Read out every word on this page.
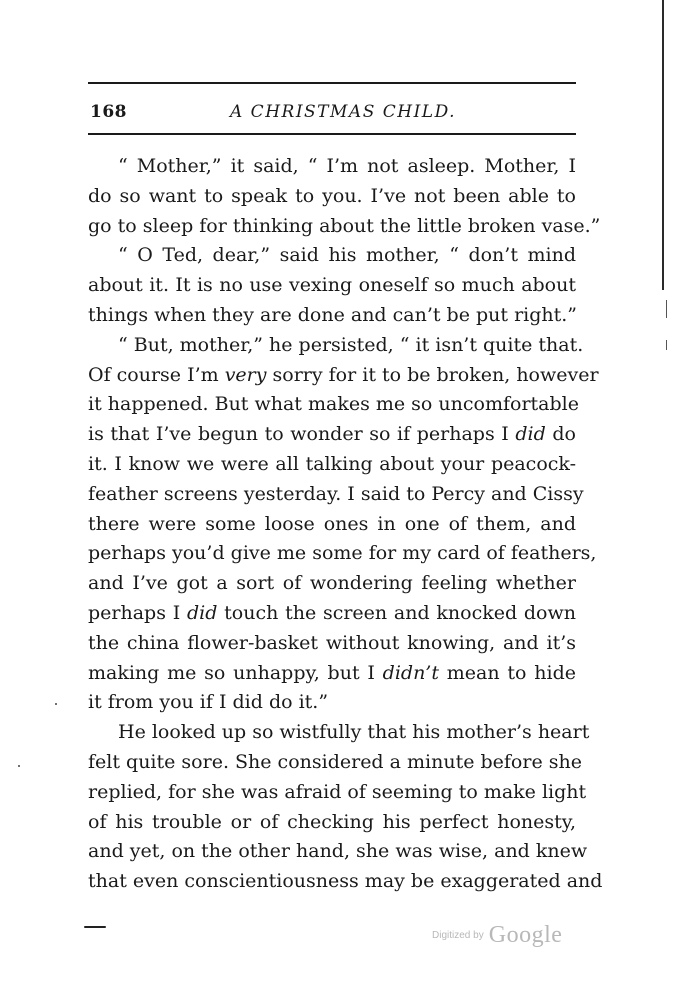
168	A CHRISTMAS CHILD.
“ Mother,” it said, “ I’m not asleep. Mother, I
do so want to speak to you. I’ve not been able to
go to sleep for thinking about the little broken vase.”
“ O Ted, dear,” said his mother, “ don’t mind
about it. It is no use vexing oneself so much about
things when they are done and can’t be put right.”
“ But, mother,” he persisted, “ it isn’t quite that.
Of course I’m very sorry for it to be broken, however
it happened. But what makes me so uncomfortable
is that I’ve begun to wonder so if perhaps I did do
it. I know we were all talking about your peacock-
feather screens yesterday. I said to Percy and Cissy
there were some loose ones in one of them, and
perhaps you’d give me some for my card of feathers,
and I’ve got a sort of wondering feeling whether
perhaps I did touch the screen and knocked down
the china flower-basket without knowing, and it’s
making me so unhappy, but I didn’t mean to hide
it from you if I did do it.”
He looked up so wistfully that his mother’s heart
felt quite sore. She considered a minute before she
replied, for she was afraid of seeming to make light
of his trouble or of checking his perfect honesty,
and yet, on the other hand, she was wise, and knew
that even conscientiousness may be exaggerated and
Digitized by Google
